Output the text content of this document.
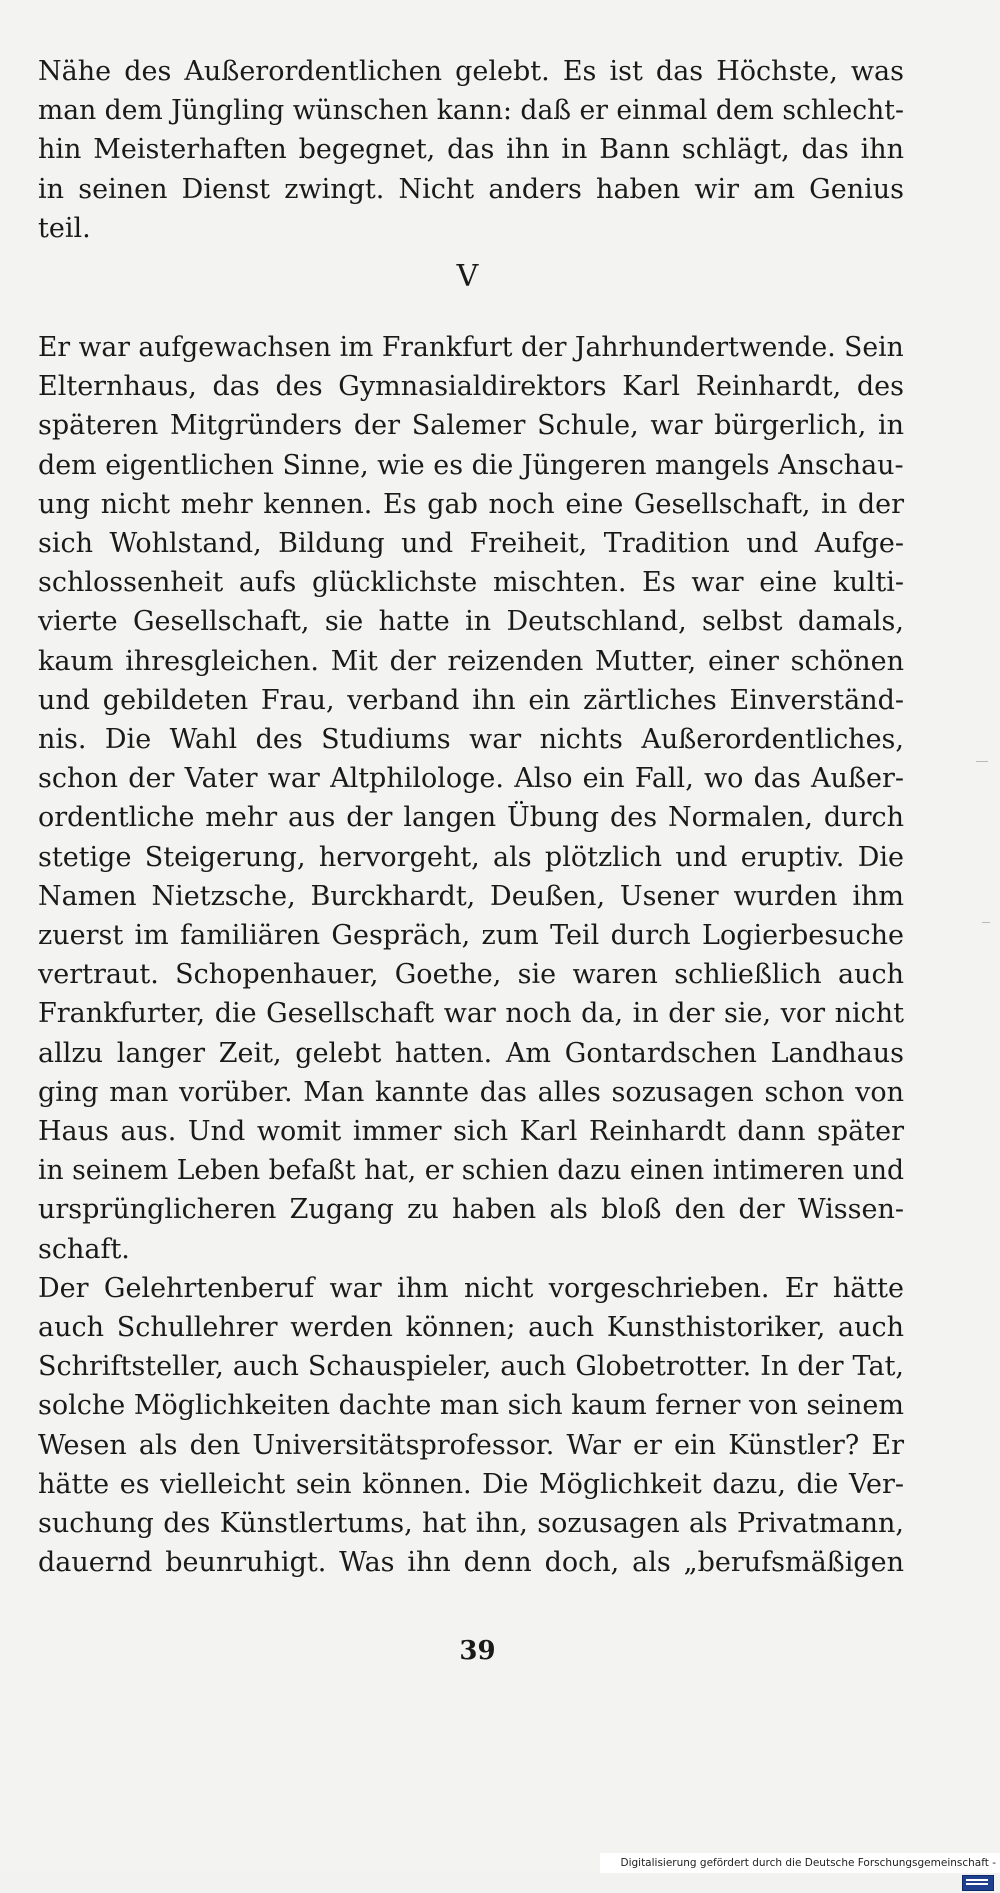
Nähe des Außerordentlichen gelebt. Es ist das Höchste, was
man dem Jüngling wünschen kann: daß er einmal dem schlecht-
hin Meisterhaften begegnet, das ihn in Bann schlägt, das ihn
in seinen Dienst zwingt. Nicht anders haben wir am Genius
teil.
V
Er war aufgewachsen im Frankfurt der Jahrhundertwende. Sein
Elternhaus, das des Gymnasialdirektors Karl Reinhardt, des
späteren Mitgründers der Salemer Schule, war bürgerlich, in
dem eigentlichen Sinne, wie es die Jüngeren mangels Anschau-
ung nicht mehr kennen. Es gab noch eine Gesellschaft, in der
sich Wohlstand, Bildung und Freiheit, Tradition und Aufge-
schlossenheit aufs glücklichste mischten. Es war eine kulti-
vierte Gesellschaft, sie hatte in Deutschland, selbst damals,
kaum ihresgleichen. Mit der reizenden Mutter, einer schönen
und gebildeten Frau, verband ihn ein zärtliches Einverständ-
nis. Die Wahl des Studiums war nichts Außerordentliches,
schon der Vater war Altphilologe. Also ein Fall, wo das Außer-
ordentliche mehr aus der langen Übung des Normalen, durch
stetige Steigerung, hervorgeht, als plötzlich und eruptiv. Die
Namen Nietzsche, Burckhardt, Deußen, Usener wurden ihm
zuerst im familiären Gespräch, zum Teil durch Logierbesuche
vertraut. Schopenhauer, Goethe, sie waren schließlich auch
Frankfurter, die Gesellschaft war noch da, in der sie, vor nicht
allzu langer Zeit, gelebt hatten. Am Gontardschen Landhaus
ging man vorüber. Man kannte das alles sozusagen schon von
Haus aus. Und womit immer sich Karl Reinhardt dann später
in seinem Leben befaßt hat, er schien dazu einen intimeren und
ursprünglicheren Zugang zu haben als bloß den der Wissen-
schaft.
Der Gelehrtenberuf war ihm nicht vorgeschrieben. Er hätte
auch Schullehrer werden können; auch Kunsthistoriker, auch
Schriftsteller, auch Schauspieler, auch Globetrotter. In der Tat,
solche Möglichkeiten dachte man sich kaum ferner von seinem
Wesen als den Universitätsprofessor. War er ein Künstler? Er
hätte es vielleicht sein können. Die Möglichkeit dazu, die Ver-
suchung des Künstlertums, hat ihn, sozusagen als Privatmann,
dauernd beunruhigt. Was ihn denn doch, als „berufsmäßigen
39
Digitalisierung gefördert durch die Deutsche Forschungsgemeinschaft -
